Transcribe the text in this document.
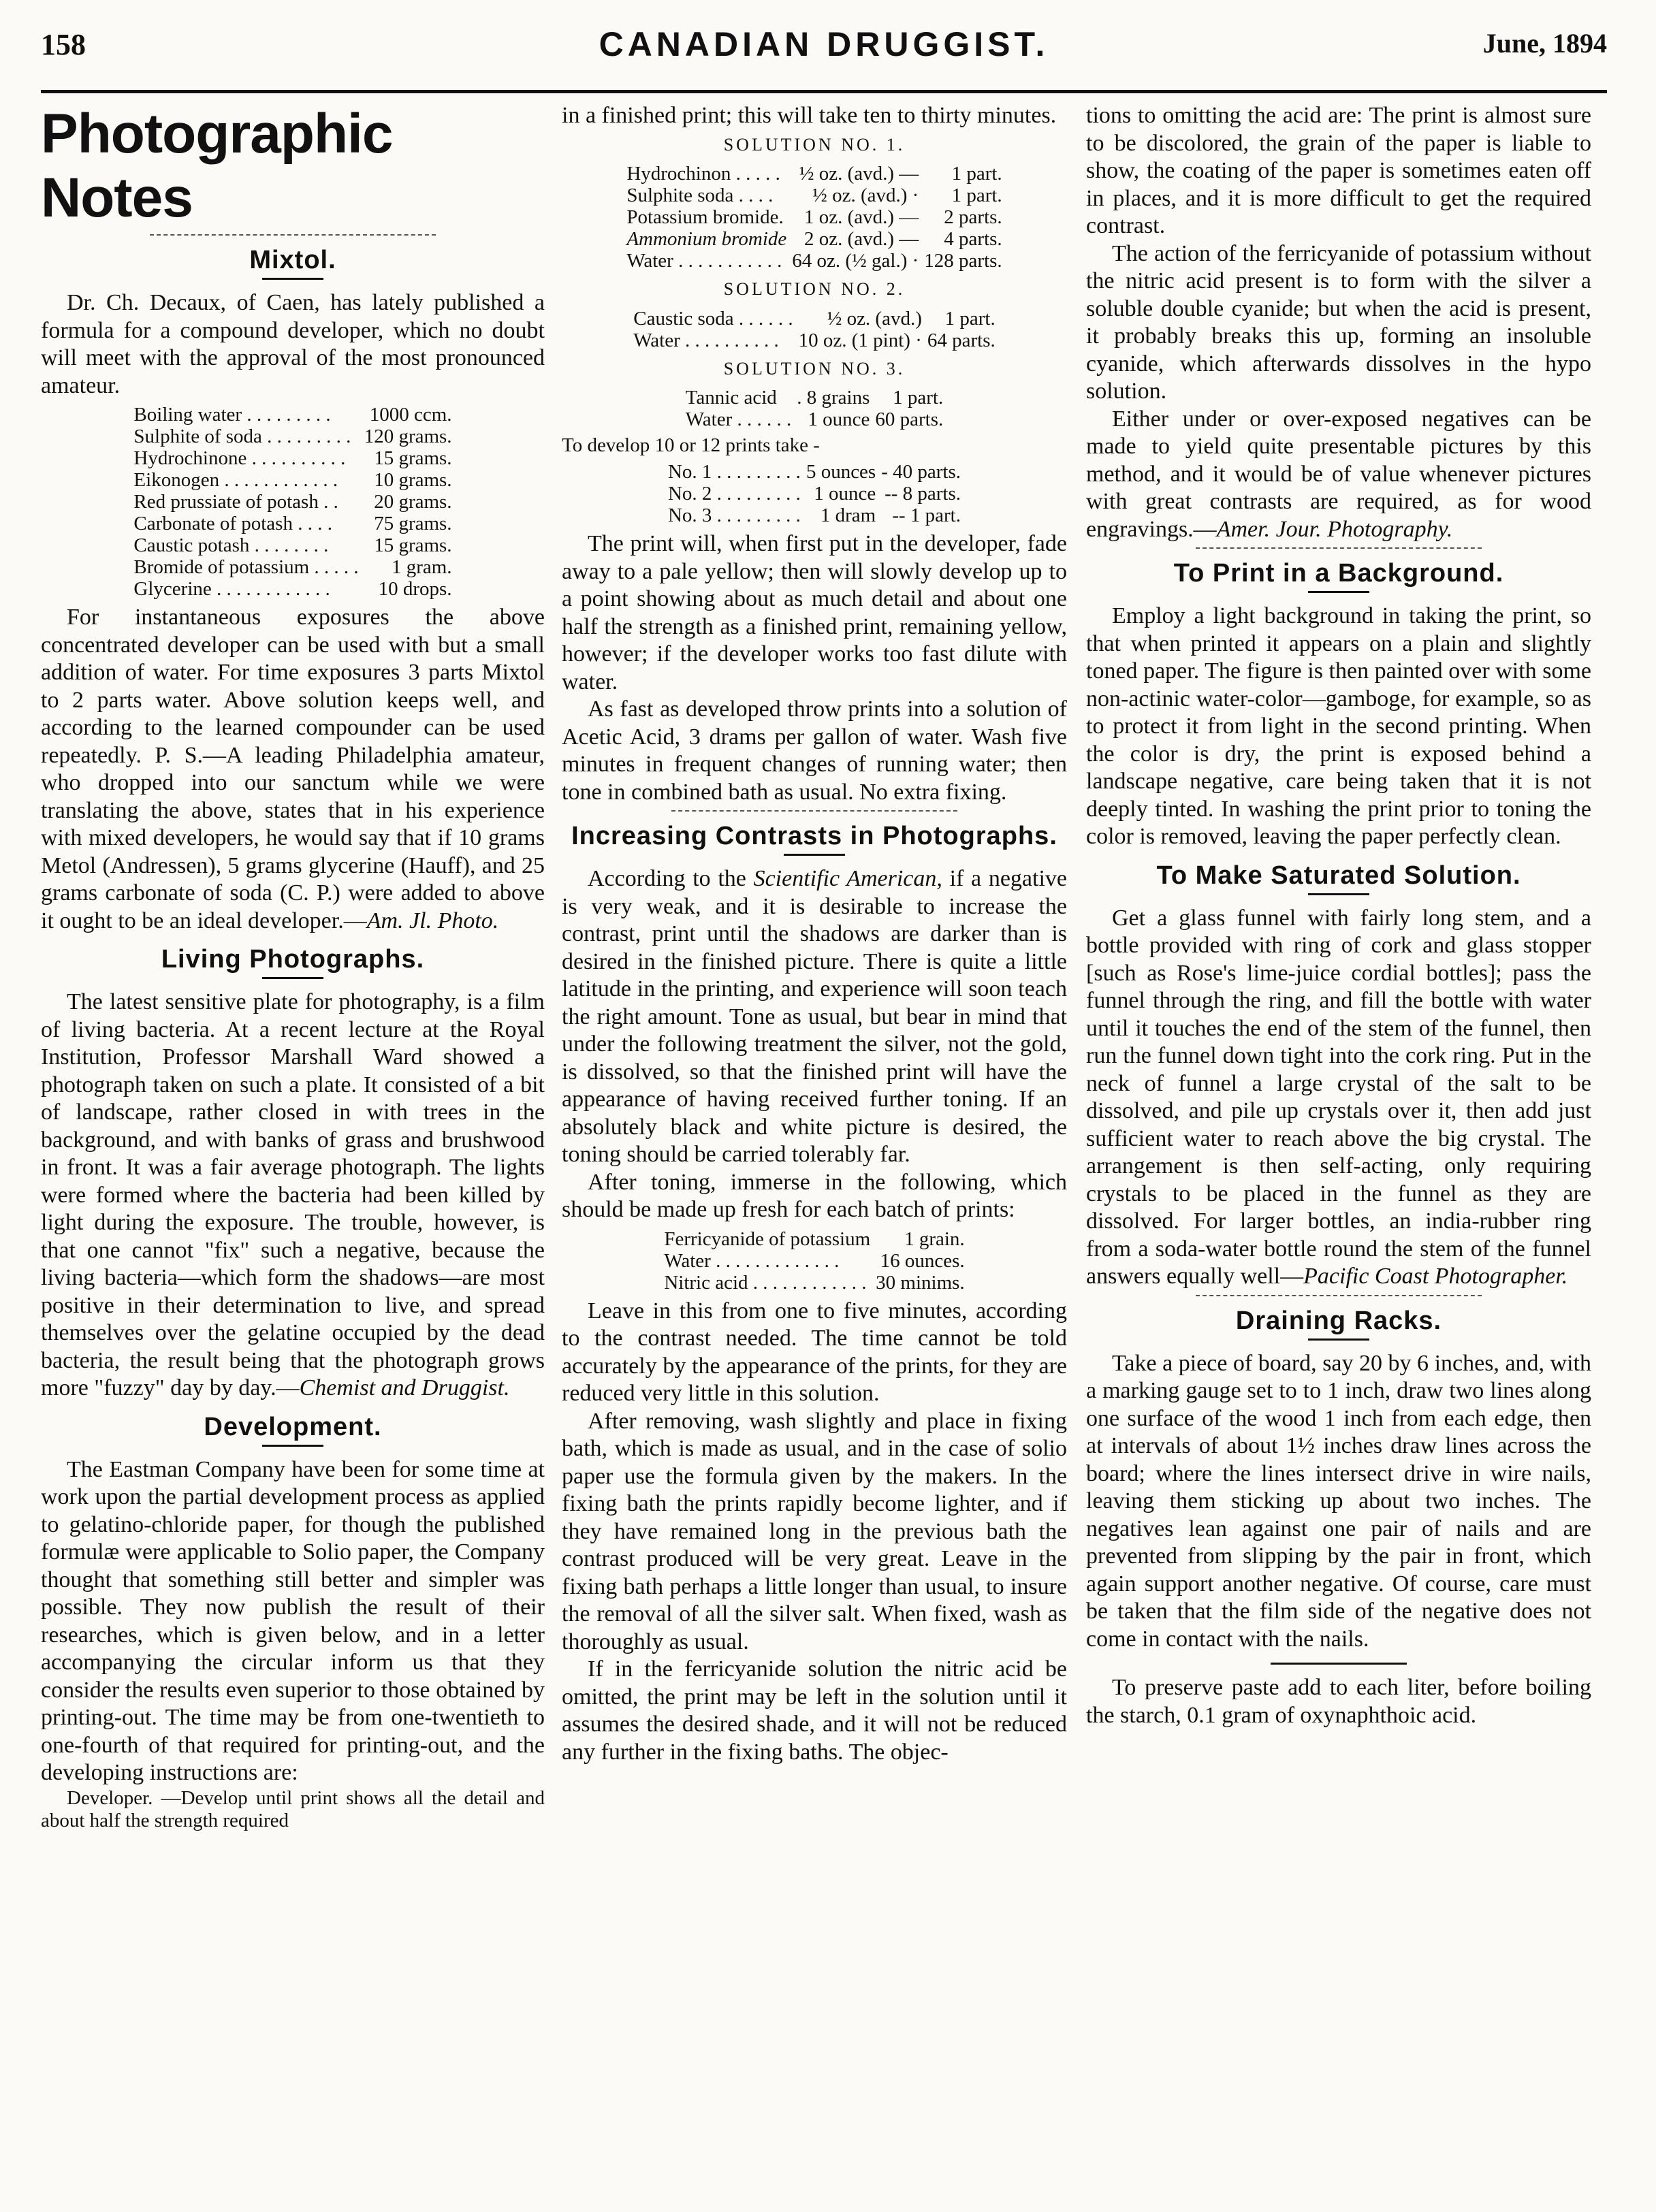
158	CANADIAN DRUGGIST.	June, 1894
Photographic Notes
Mixtol.

Dr. Ch. Decaux, of Caen, has lately published a formula for a compound developer, which no doubt will meet with the approval of the most pronounced amateur.

Boiling water . . . . . . . . .	1000 ccm.
Sulphite of soda . . . . . . . . .	120 grams.
Hydrochinone . . . . . . . . . .	15 grams.
Eikonogen . . . . . . . . . . . .	10 grams.
Red prussiate of potash . .	20 grams.
Carbonate of potash . . . .	75 grams.
Caustic potash . . . . . . . .	15 grams.
Bromide of potassium . . . . .	1 gram.
Glycerine . . . . . . . . . . . .	10 drops.

For instantaneous exposures the above concentrated developer can be used with but a small addition of water. For time exposures 3 parts Mixtol to 2 parts water. Above solution keeps well, and according to the learned compounder can be used repeatedly. P. S.—A leading Philadelphia amateur, who dropped into our sanctum while we were translating the above, states that in his experience with mixed developers, he would say that if 10 grams Metol (Andressen), 5 grams glycerine (Hauff), and 25 grams carbonate of soda (C. P.) were added to above it ought to be an ideal developer.—Am. Jl. Photo.

Living Photographs.

The latest sensitive plate for photography, is a film of living bacteria. At a recent lecture at the Royal Institution, Professor Marshall Ward showed a photograph taken on such a plate. It consisted of a bit of landscape, rather closed in with trees in the background, and with banks of grass and brushwood in front. It was a fair average photograph. The lights were formed where the bacteria had been killed by light during the exposure. The trouble, however, is that one cannot "fix" such a negative, because the living bacteria—which form the shadows—are most positive in their determination to live, and spread themselves over the gelatine occupied by the dead bacteria, the result being that the photograph grows more "fuzzy" day by day.—Chemist and Druggist.

Development.

The Eastman Company have been for some time at work upon the partial development process as applied to gelatino-chloride paper, for though the published formulæ were applicable to Solio paper, the Company thought that something still better and simpler was possible. They now publish the result of their researches, which is given below, and in a letter accompanying the circular inform us that they consider the results even superior to those obtained by printing-out. The time may be from one-twentieth to one-fourth of that required for printing-out, and the developing instructions are:

Developer. —Develop until print shows all the detail and about half the strength required

in a finished print; this will take ten to thirty minutes.

SOLUTION NO. 1.
Hydrochinon . . . . .	½ oz. (avd.) —	1 part.
Sulphite soda . . . .	½ oz. (avd.) ·	1 part.
Potassium bromide.	1 oz. (avd.) —	2 parts.
Ammonium bromide	2 oz. (avd.) —	4 parts.
Water . . . . . . . . . . .	64 oz. (½ gal.) ·	128 parts.
SOLUTION NO. 2.
Caustic soda . . . . . .	½ oz. (avd.)	1 part.
Water . . . . . . . . . .	10 oz. (1 pint) ·	64 parts.
SOLUTION NO. 3.
Tannic acid	. 8 grains	1 part.
Water . . . . . .	1 ounce	60 parts.

To develop 10 or 12 prints take -

No. 1 . . . . . . . . .	5 ounces	- 40 parts.
No. 2 . . . . . . . . .	1 ounce	-- 8 parts.
No. 3 . . . . . . . . .	1 dram	-- 1 part.

The print will, when first put in the developer, fade away to a pale yellow; then will slowly develop up to a point showing about as much detail and about one half the strength as a finished print, remaining yellow, however; if the developer works too fast dilute with water.

As fast as developed throw prints into a solution of Acetic Acid, 3 drams per gallon of water. Wash five minutes in frequent changes of running water; then tone in combined bath as usual. No extra fixing.

Increasing Contrasts in Photographs.

According to the Scientific American, if a negative is very weak, and it is desirable to increase the contrast, print until the shadows are darker than is desired in the finished picture. There is quite a little latitude in the printing, and experience will soon teach the right amount. Tone as usual, but bear in mind that under the following treatment the silver, not the gold, is dissolved, so that the finished print will have the appearance of having received further toning. If an absolutely black and white picture is desired, the toning should be carried tolerably far.

After toning, immerse in the following, which should be made up fresh for each batch of prints:

Ferricyanide of potassium	1 grain.
Water . . . . . . . . . . . . .	16 ounces.
Nitric acid . . . . . . . . . . . .	30 minims.

Leave in this from one to five minutes, according to the contrast needed. The time cannot be told accurately by the appearance of the prints, for they are reduced very little in this solution.

After removing, wash slightly and place in fixing bath, which is made as usual, and in the case of solio paper use the formula given by the makers. In the fixing bath the prints rapidly become lighter, and if they have remained long in the previous bath the contrast produced will be very great. Leave in the fixing bath perhaps a little longer than usual, to insure the removal of all the silver salt. When fixed, wash as thoroughly as usual.

If in the ferricyanide solution the nitric acid be omitted, the print may be left in the solution until it assumes the desired shade, and it will not be reduced any further in the fixing baths. The objec-

tions to omitting the acid are: The print is almost sure to be discolored, the grain of the paper is liable to show, the coating of the paper is sometimes eaten off in places, and it is more difficult to get the required contrast.

The action of the ferricyanide of potassium without the nitric acid present is to form with the silver a soluble double cyanide; but when the acid is present, it probably breaks this up, forming an insoluble cyanide, which afterwards dissolves in the hypo solution.

Either under or over-exposed negatives can be made to yield quite presentable pictures by this method, and it would be of value whenever pictures with great contrasts are required, as for wood engravings.—Amer. Jour. Photography.

To Print in a Background.

Employ a light background in taking the print, so that when printed it appears on a plain and slightly toned paper. The figure is then painted over with some non-actinic water-color—gamboge, for example, so as to protect it from light in the second printing. When the color is dry, the print is exposed behind a landscape negative, care being taken that it is not deeply tinted. In washing the print prior to toning the color is removed, leaving the paper perfectly clean.

To Make Saturated Solution.

Get a glass funnel with fairly long stem, and a bottle provided with ring of cork and glass stopper [such as Rose's lime-juice cordial bottles]; pass the funnel through the ring, and fill the bottle with water until it touches the end of the stem of the funnel, then run the funnel down tight into the cork ring. Put in the neck of funnel a large crystal of the salt to be dissolved, and pile up crystals over it, then add just sufficient water to reach above the big crystal. The arrangement is then self-acting, only requiring crystals to be placed in the funnel as they are dissolved. For larger bottles, an india-rubber ring from a soda-water bottle round the stem of the funnel answers equally well—Pacific Coast Photographer.

Draining Racks.

Take a piece of board, say 20 by 6 inches, and, with a marking gauge set to to 1 inch, draw two lines along one surface of the wood 1 inch from each edge, then at intervals of about 1½ inches draw lines across the board; where the lines intersect drive in wire nails, leaving them sticking up about two inches. The negatives lean against one pair of nails and are prevented from slipping by the pair in front, which again support another negative. Of course, care must be taken that the film side of the negative does not come in contact with the nails.

To preserve paste add to each liter, before boiling the starch, 0.1 gram of oxynaphthoic acid.
